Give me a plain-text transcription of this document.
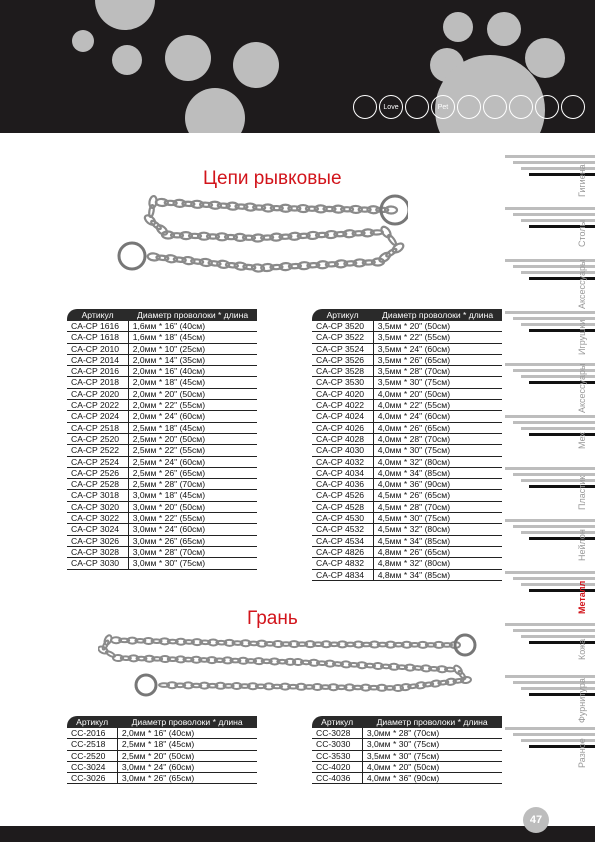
Love	Pet
Гигиена
Столы
Аксессуары
Игрушки
Аксессуары
Мех
Пластик
Нейлон
Металл
Кожа
Фурнитура
Разное
Цепи рывковые
Артикул	Диаметр проволоки * длина
CA-CP 1616	1,6мм * 16" (40см)
CA-CP 1618	1,6мм * 18" (45см)
CA-CP 2010	2,0мм * 10" (25см)
CA-CP 2014	2,0мм * 14" (35см)
CA-CP 2016	2,0мм * 16" (40см)
CA-CP 2018	2,0мм * 18" (45см)
CA-CP 2020	2,0мм * 20" (50см)
CA-CP 2022	2,0мм * 22" (55см)
CA-CP 2024	2,0мм * 24" (60см)
CA-CP 2518	2,5мм * 18" (45см)
CA-CP 2520	2,5мм * 20" (50см)
CA-CP 2522	2,5мм * 22" (55см)
CA-CP 2524	2,5мм * 24" (60см)
CA-CP 2526	2,5мм * 26" (65см)
CA-CP 2528	2,5мм * 28" (70см)
CA-CP 3018	3,0мм * 18" (45см)
CA-CP 3020	3,0мм * 20" (50см)
CA-CP 3022	3,0мм * 22" (55см)
CA-CP 3024	3,0мм * 24" (60см)
CA-CP 3026	3,0мм * 26" (65см)
CA-CP 3028	3,0мм * 28" (70см)
CA-CP 3030	3,0мм * 30" (75см)
Артикул	Диаметр проволоки * длина
CA-CP 3520	3,5мм * 20" (50см)
CA-CP 3522	3,5мм * 22" (55см)
CA-CP 3524	3,5мм * 24" (60см)
CA-CP 3526	3,5мм * 26" (65см)
CA-CP 3528	3,5мм * 28" (70см)
CA-CP 3530	3,5мм * 30" (75см)
CA-CP 4020	4,0мм * 20" (50см)
CA-CP 4022	4,0мм * 22" (55см)
CA-CP 4024	4,0мм * 24" (60см)
CA-CP 4026	4,0мм * 26" (65см)
CA-CP 4028	4,0мм * 28" (70см)
CA-CP 4030	4,0мм * 30" (75см)
CA-CP 4032	4,0мм * 32" (80см)
CA-CP 4034	4,0мм * 34" (85см)
CA-CP 4036	4,0мм * 36" (90см)
CA-CP 4526	4,5мм * 26" (65см)
CA-CP 4528	4,5мм * 28" (70см)
CA-CP 4530	4,5мм * 30" (75см)
CA-CP 4532	4,5мм * 32" (80см)
CA-CP 4534	4,5мм * 34" (85см)
CA-CP 4826	4,8мм * 26" (65см)
CA-CP 4832	4,8мм * 32" (80см)
CA-CP 4834	4,8мм * 34" (85см)
Грань
Артикул	Диаметр проволоки * длина
CC-2016	2,0мм * 16" (40см)
CC-2518	2,5мм * 18" (45см)
CC-2520	2,5мм * 20" (50см)
CC-3024	3,0мм * 24" (60см)
CC-3026	3,0мм * 26" (65см)
Артикул	Диаметр проволоки * длина
CC-3028	3,0мм * 28" (70см)
CC-3030	3,0мм * 30" (75см)
CC-3530	3,5мм * 30" (75см)
CC-4020	4,0мм * 20" (50см)
CC-4036	4,0мм * 36" (90см)
47
